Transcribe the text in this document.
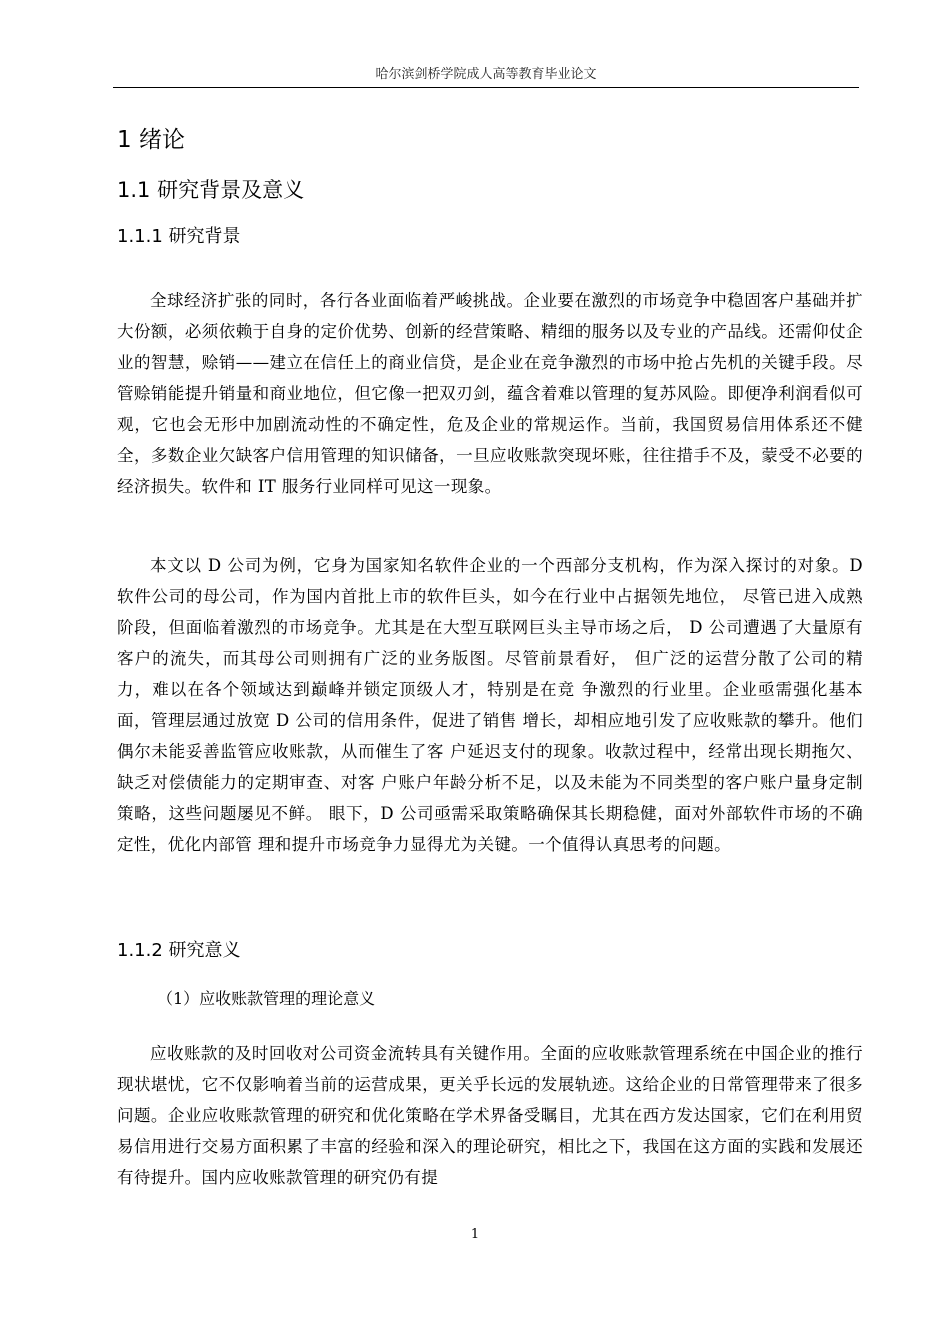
哈尔滨剑桥学院成人高等教育毕业论文
1 绪论
1.1 研究背景及意义
1.1.1 研究背景

全球经济扩张的同时，各行各业面临着严峻挑战。企业要在激烈的市场竞争中稳固客户基础并扩大份额，必须依赖于自身的定价优势、创新的经营策略、精细的服务以及专业的产品线。还需仰仗企业的智慧，赊销——建立在信任上的商业信贷，是企业在竞争激烈的市场中抢占先机的关键手段。尽管赊销能提升销量和商业地位，但它像一把双刃剑，蕴含着难以管理的复苏风险。即便净利润看似可观，它也会无形中加剧流动性的不确定性，危及企业的常规运作。当前，我国贸易信用体系还不健全，多数企业欠缺客户信用管理的知识储备，一旦应收账款突现坏账，往往措手不及，蒙受不必要的经济损失。软件和 IT 服务行业同样可见这一现象。

本文以 D 公司为例，它身为国家知名软件企业的一个西部分支机构，作为深入探讨的对象。D 软件公司的母公司，作为国内首批上市的软件巨头，如今在行业中占据领先地位， 尽管已进入成熟阶段，但面临着激烈的市场竞争。尤其是在大型互联网巨头主导市场之后， D 公司遭遇了大量原有客户的流失，而其母公司则拥有广泛的业务版图。尽管前景看好， 但广泛的运营分散了公司的精力，难以在各个领域达到巅峰并锁定顶级人才，特别是在竞 争激烈的行业里。企业亟需强化基本面，管理层通过放宽 D 公司的信用条件，促进了销售 增长，却相应地引发了应收账款的攀升。他们偶尔未能妥善监管应收账款，从而催生了客 户延迟支付的现象。收款过程中，经常出现长期拖欠、缺乏对偿债能力的定期审查、对客 户账户年龄分析不足，以及未能为不同类型的客户账户量身定制策略，这些问题屡见不鲜。 眼下，D 公司亟需采取策略确保其长期稳健，面对外部软件市场的不确定性，优化内部管 理和提升市场竞争力显得尤为关键。一个值得认真思考的问题。

1.1.2 研究意义
（1）应收账款管理的理论意义

应收账款的及时回收对公司资金流转具有关键作用。全面的应收账款管理系统在中国企业的推行现状堪忧，它不仅影响着当前的运营成果，更关乎长远的发展轨迹。这给企业的日常管理带来了很多问题。企业应收账款管理的研究和优化策略在学术界备受瞩目，尤其在西方发达国家，它们在利用贸易信用进行交易方面积累了丰富的经验和深入的理论研究，相比之下，我国在这方面的实践和发展还有待提升。国内应收账款管理的研究仍有提

1
